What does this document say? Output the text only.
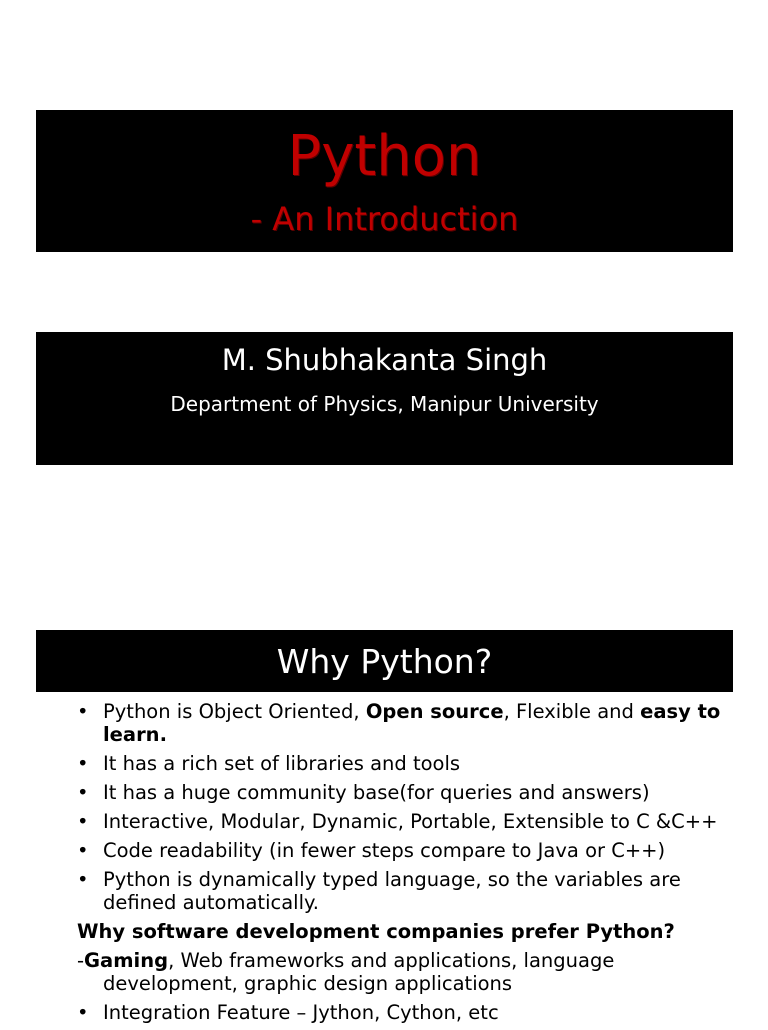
Python
- An Introduction
M. Shubhakanta Singh
Department of Physics, Manipur University
Why Python?
• Python is Object Oriented, Open source, Flexible and easy to learn.
• It has a rich set of libraries and tools
• It has a huge community base(for queries and answers)
• Interactive, Modular, Dynamic, Portable, Extensible to C &C++
• Code readability (in fewer steps compare to Java or C++)
• Python is dynamically typed language, so the variables are defined automatically.
Why software development companies prefer Python?
-Gaming, Web frameworks and applications, language development, graphic design applications
• Integration Feature – Jython, Cython, etc
